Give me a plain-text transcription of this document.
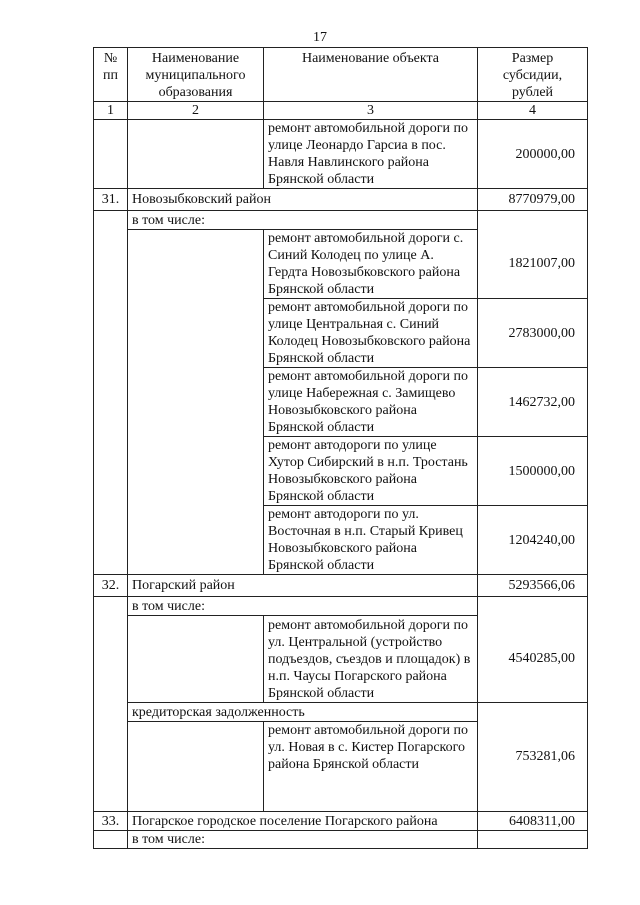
17
№ пп	Наименование муниципального образования	Наименование объекта	Размер субсидии, рублей
1	2	3	4
		ремонт автомобильной дороги по улице Леонардо Гарсиа в пос. Навля Навлинского района Брянской области	200000,00
31.	Новозыбковский район		8770979,00
	в том числе:		
		ремонт автомобильной дороги с. Синий Колодец по улице А. Гердта Новозыбковского района Брянской области	1821007,00
		ремонт автомобильной дороги по улице Центральная с. Синий Колодец Новозыбковского района Брянской области	2783000,00
		ремонт автомобильной дороги по улице Набережная с. Замищево Новозыбковского района Брянской области	1462732,00
		ремонт автодороги по улице Хутор Сибирский в н.п. Тростань Новозыбковского района Брянской области	1500000,00
		ремонт автодороги по ул. Восточная в н.п. Старый Кривец Новозыбковского района Брянской области	1204240,00
32.	Погарский район		5293566,06
	в том числе:		
		ремонт автомобильной дороги по ул. Центральной (устройство подъездов, съездов и площадок) в н.п. Чаусы Погарского района Брянской области	4540285,00
	кредиторская задолженность		
		ремонт автомобильной дороги по ул. Новая в с. Кистер Погарского района Брянской области	753281,06

33.	Погарское городское поселение Погарского района		6408311,00
	в том числе:		
